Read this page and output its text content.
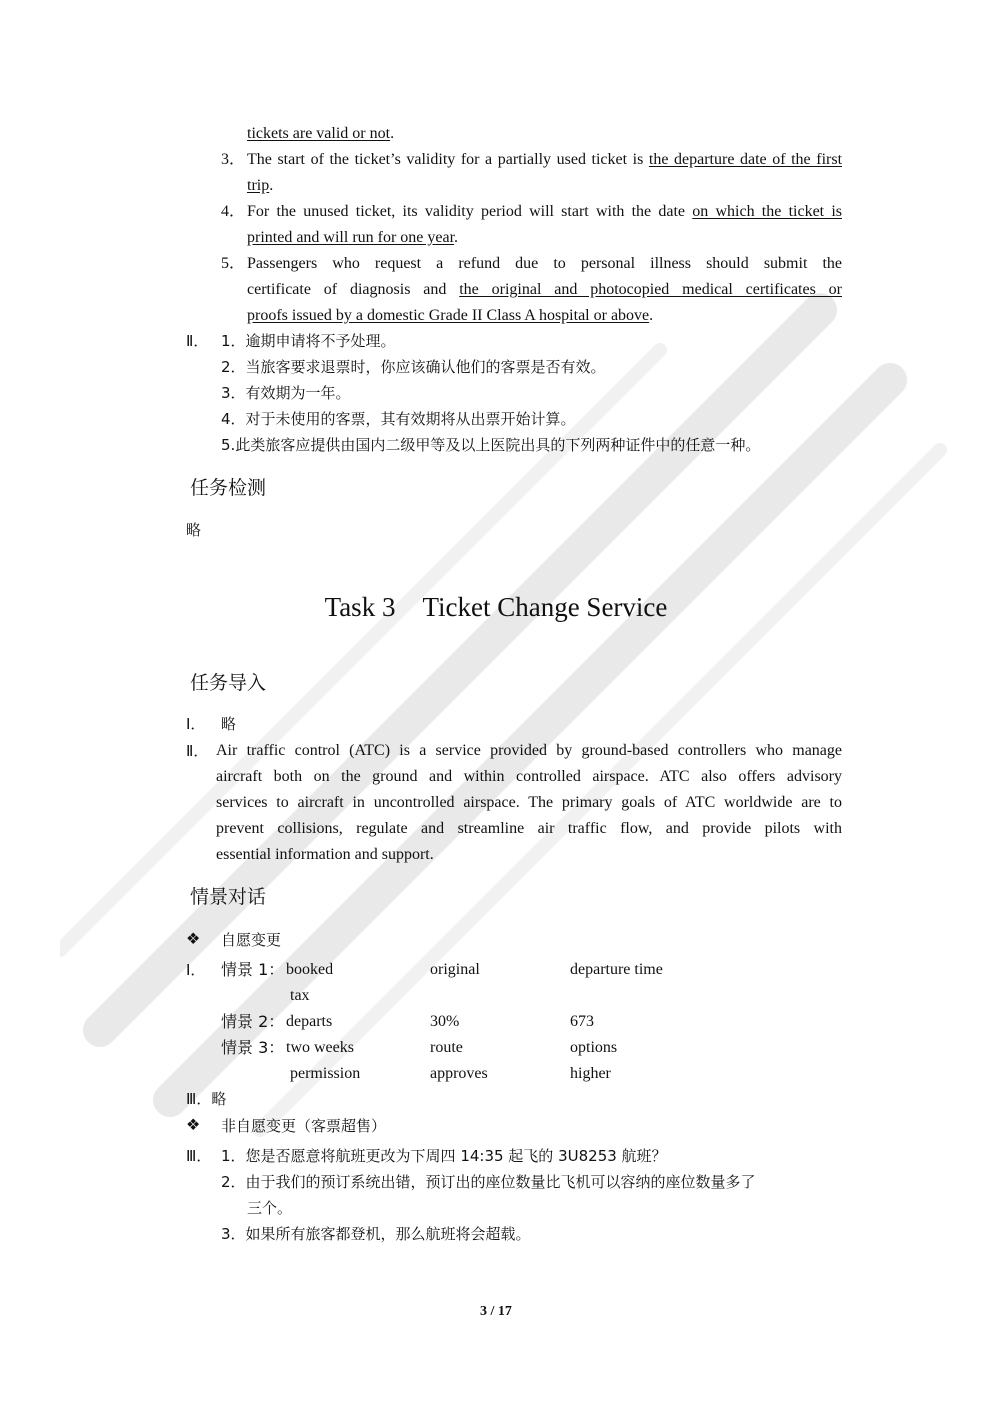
tickets are valid or not.
3． The start of the ticket’s validity for a partially used ticket is the departure date of the first
trip.
4． For the unused ticket, its validity period will start with the date on which the ticket is
printed and will run for one year.
5． Passengers who request a refund due to personal illness should submit the
certificate of diagnosis and the original and photocopied medical certificates or
proofs issued by a domestic Grade II Class A hospital or above.
Ⅱ． 1．逾期申请将不予处理。
2．当旅客要求退票时，你应该确认他们的客票是否有效。
3．有效期为一年。
4．对于未使用的客票，其有效期将从出票开始计算。
5.此类旅客应提供由国内二级甲等及以上医院出具的下列两种证件中的任意一种。
任务检测
略
Task 3    Ticket Change Service
任务导入
Ⅰ． 略
Ⅱ． Air traffic control (ATC) is a service provided by ground-based controllers who manage
aircraft both on the ground and within controlled airspace. ATC also offers advisory
services to aircraft in uncontrolled airspace. The primary goals of ATC worldwide are to
prevent collisions, regulate and streamline air traffic flow, and provide pilots with
essential information and support.
情景对话
❖ 自愿变更
Ⅰ． 情景 1： booked	original	departure time
tax
情景 2： departs	30%	673
情景 3： two weeks	route	options
permission	approves	higher
Ⅲ．略
❖ 非自愿变更（客票超售）
Ⅲ． 1．您是否愿意将航班更改为下周四 14:35 起飞的 3U8253 航班？
2．由于我们的预订系统出错，预订出的座位数量比飞机可以容纳的座位数量多了
三个。
3．如果所有旅客都登机，那么航班将会超载。
3 / 17
